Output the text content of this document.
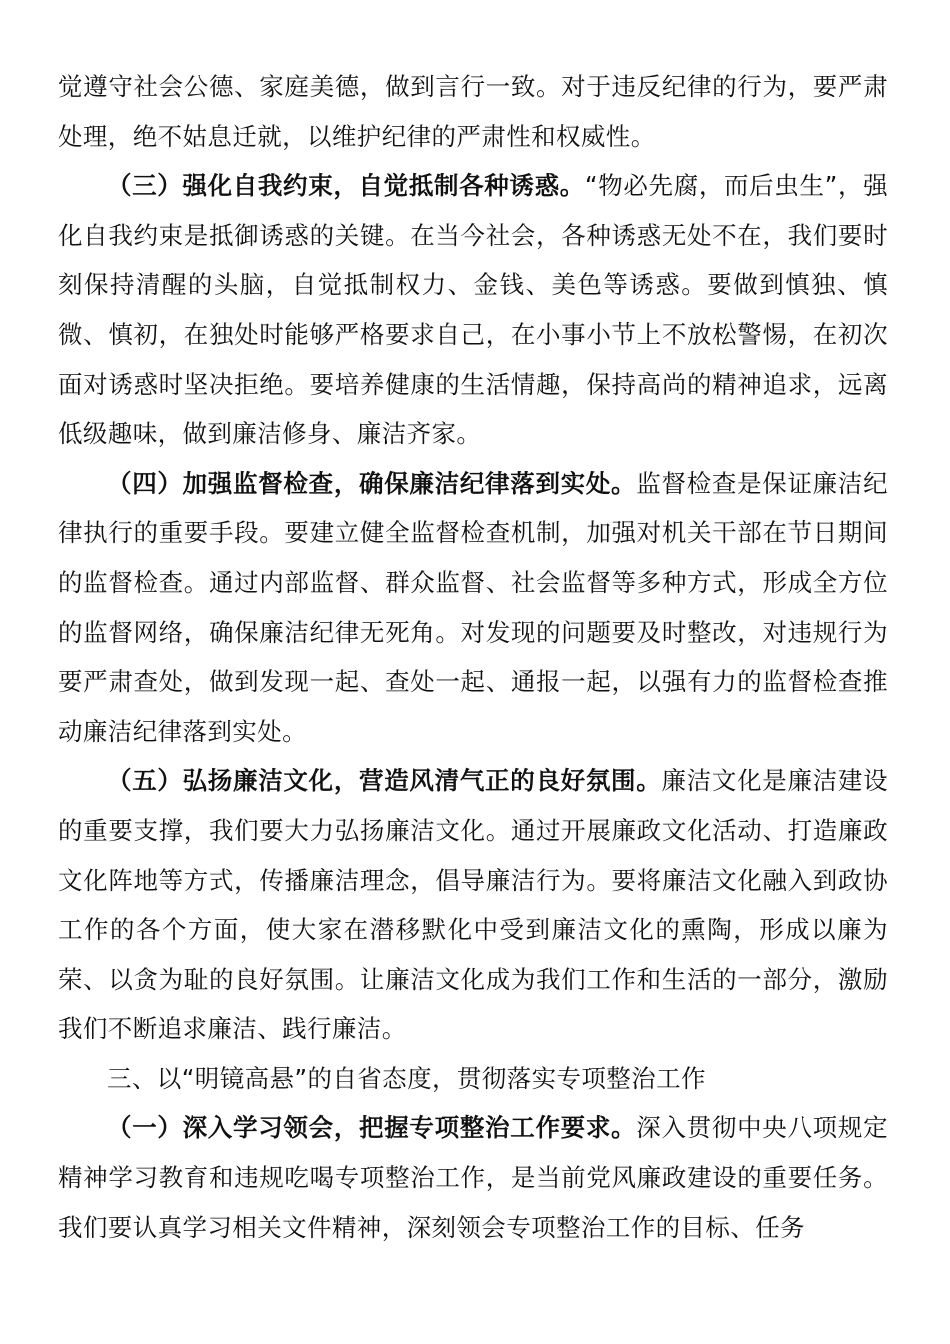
觉遵守社会公德、家庭美德，做到言行一致。对于违反纪律的行为，要严肃处理，绝不姑息迁就，以维护纪律的严肃性和权威性。

（三）强化自我约束，自觉抵制各种诱惑。“物必先腐，而后虫生”，强化自我约束是抵御诱惑的关键。在当今社会，各种诱惑无处不在，我们要时刻保持清醒的头脑，自觉抵制权力、金钱、美色等诱惑。要做到慎独、慎微、慎初，在独处时能够严格要求自己，在小事小节上不放松警惕，在初次面对诱惑时坚决拒绝。要培养健康的生活情趣，保持高尚的精神追求，远离低级趣味，做到廉洁修身、廉洁齐家。

（四）加强监督检查，确保廉洁纪律落到实处。监督检查是保证廉洁纪律执行的重要手段。要建立健全监督检查机制，加强对机关干部在节日期间的监督检查。通过内部监督、群众监督、社会监督等多种方式，形成全方位的监督网络，确保廉洁纪律无死角。对发现的问题要及时整改，对违规行为要严肃查处，做到发现一起、查处一起、通报一起，以强有力的监督检查推动廉洁纪律落到实处。

（五）弘扬廉洁文化，营造风清气正的良好氛围。廉洁文化是廉洁建设的重要支撑，我们要大力弘扬廉洁文化。通过开展廉政文化活动、打造廉政文化阵地等方式，传播廉洁理念，倡导廉洁行为。要将廉洁文化融入到政协工作的各个方面，使大家在潜移默化中受到廉洁文化的熏陶，形成以廉为荣、以贪为耻的良好氛围。让廉洁文化成为我们工作和生活的一部分，激励我们不断追求廉洁、践行廉洁。

三、以“明镜高悬”的自省态度，贯彻落实专项整治工作

（一）深入学习领会，把握专项整治工作要求。深入贯彻中央八项规定精神学习教育和违规吃喝专项整治工作，是当前党风廉政建设的重要任务。我们要认真学习相关文件精神，深刻领会专项整治工作的目标、任务
